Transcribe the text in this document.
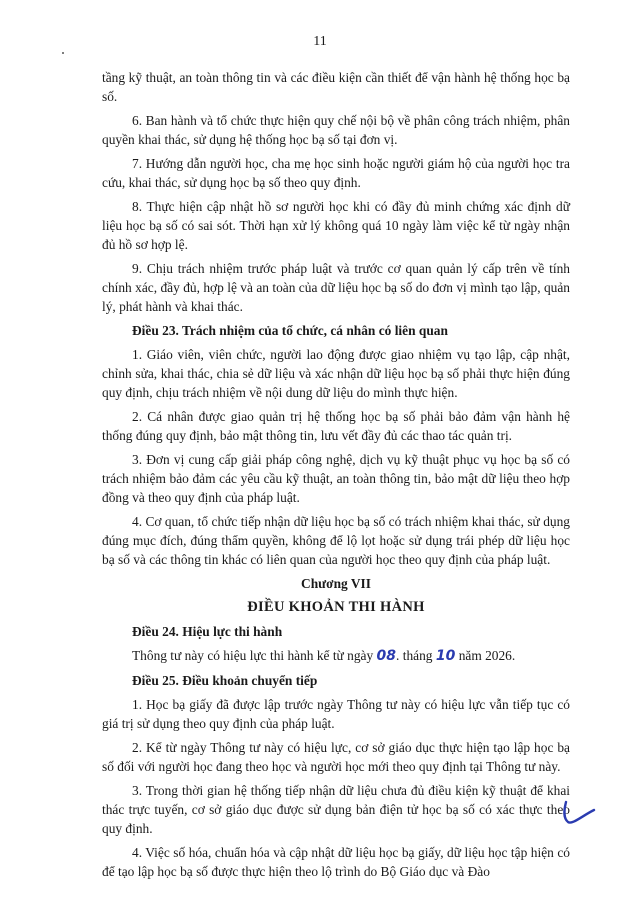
11

tầng kỹ thuật, an toàn thông tin và các điều kiện cần thiết để vận hành hệ thống học bạ số.

6. Ban hành và tổ chức thực hiện quy chế nội bộ về phân công trách nhiệm, phân quyền khai thác, sử dụng hệ thống học bạ số tại đơn vị.

7. Hướng dẫn người học, cha mẹ học sinh hoặc người giám hộ của người học tra cứu, khai thác, sử dụng học bạ số theo quy định.

8. Thực hiện cập nhật hồ sơ người học khi có đầy đủ minh chứng xác định dữ liệu học bạ số có sai sót. Thời hạn xử lý không quá 10 ngày làm việc kể từ ngày nhận đủ hồ sơ hợp lệ.

9. Chịu trách nhiệm trước pháp luật và trước cơ quan quản lý cấp trên về tính chính xác, đầy đủ, hợp lệ và an toàn của dữ liệu học bạ số do đơn vị mình tạo lập, quản lý, phát hành và khai thác.

Điều 23. Trách nhiệm của tổ chức, cá nhân có liên quan

1. Giáo viên, viên chức, người lao động được giao nhiệm vụ tạo lập, cập nhật, chỉnh sửa, khai thác, chia sẻ dữ liệu và xác nhận dữ liệu học bạ số phải thực hiện đúng quy định, chịu trách nhiệm về nội dung dữ liệu do mình thực hiện.

2. Cá nhân được giao quản trị hệ thống học bạ số phải bảo đảm vận hành hệ thống đúng quy định, bảo mật thông tin, lưu vết đầy đủ các thao tác quản trị.

3. Đơn vị cung cấp giải pháp công nghệ, dịch vụ kỹ thuật phục vụ học bạ số có trách nhiệm bảo đảm các yêu cầu kỹ thuật, an toàn thông tin, bảo mật dữ liệu theo hợp đồng và theo quy định của pháp luật.

4. Cơ quan, tổ chức tiếp nhận dữ liệu học bạ số có trách nhiệm khai thác, sử dụng đúng mục đích, đúng thẩm quyền, không để lộ lọt hoặc sử dụng trái phép dữ liệu học bạ số và các thông tin khác có liên quan của người học theo quy định của pháp luật.

Chương VII

ĐIỀU KHOẢN THI HÀNH

Điều 24. Hiệu lực thi hành

Thông tư này có hiệu lực thi hành kể từ ngày 08. tháng 10 năm 2026.

Điều 25. Điều khoản chuyển tiếp

1. Học bạ giấy đã được lập trước ngày Thông tư này có hiệu lực vẫn tiếp tục có giá trị sử dụng theo quy định của pháp luật.

2. Kể từ ngày Thông tư này có hiệu lực, cơ sở giáo dục thực hiện tạo lập học bạ số đối với người học đang theo học và người học mới theo quy định tại Thông tư này.

3. Trong thời gian hệ thống tiếp nhận dữ liệu chưa đủ điều kiện kỹ thuật để khai thác trực tuyến, cơ sở giáo dục được sử dụng bản điện tử học bạ số có xác thực theo quy định.

4. Việc số hóa, chuẩn hóa và cập nhật dữ liệu học bạ giấy, dữ liệu học tập hiện có để tạo lập học bạ số được thực hiện theo lộ trình do Bộ Giáo dục và Đào
